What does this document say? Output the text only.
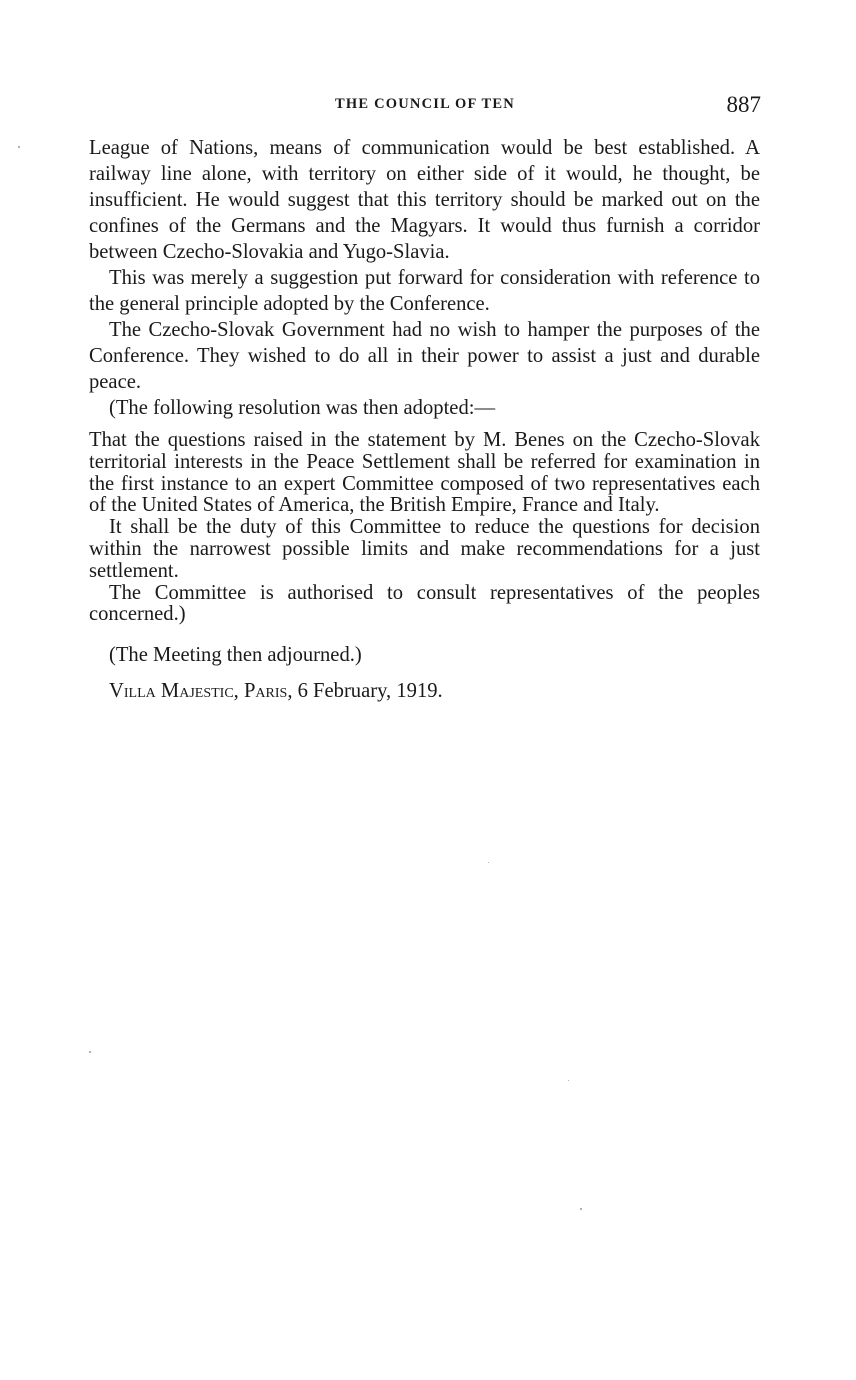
THE COUNCIL OF TEN	887

League of Nations, means of communication would be best established. A railway line alone, with territory on either side of it would, he thought, be insufficient. He would suggest that this territory should be marked out on the confines of the Germans and the Magyars. It would thus furnish a corridor between Czecho-Slovakia and Yugo-Slavia.

This was merely a suggestion put forward for consideration with reference to the general principle adopted by the Conference.

The Czecho-Slovak Government had no wish to hamper the purposes of the Conference. They wished to do all in their power to assist a just and durable peace.

(The following resolution was then adopted:—

That the questions raised in the statement by M. Benes on the Czecho-Slovak territorial interests in the Peace Settlement shall be referred for examination in the first instance to an expert Committee composed of two representatives each of the United States of America, the British Empire, France and Italy.

It shall be the duty of this Committee to reduce the questions for decision within the narrowest possible limits and make recommendations for a just settlement.

The Committee is authorised to consult representatives of the peoples concerned.)

(The Meeting then adjourned.)

Villa Majestic, Paris, 6 February, 1919.
